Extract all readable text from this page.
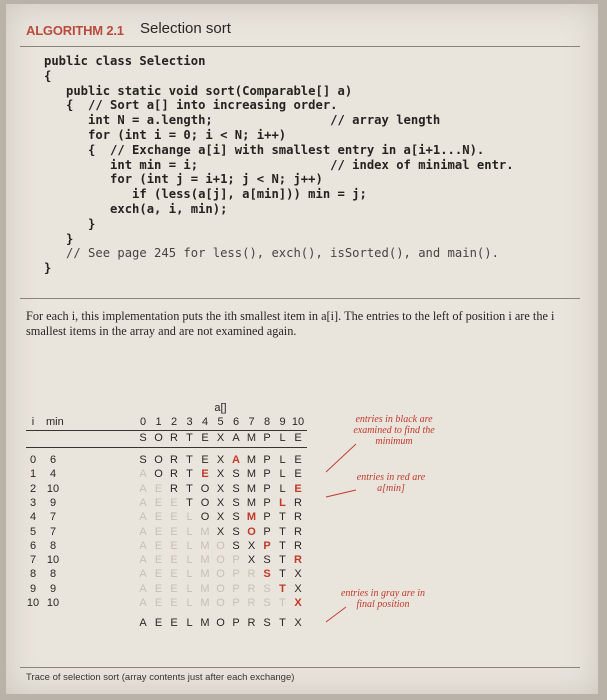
ALGORITHM 2.1 Selection sort
public class Selection
{
public static void sort(Comparable[] a)
{  // Sort a[] into increasing order.
int N = a.length;                // array length
for (int i = 0; i < N; i++)
{  // Exchange a[i] with smallest entry in a[i+1...N).
int min = i;                  // index of minimal entr.
for (int j = i+1; j < N; j++)
if (less(a[j], a[min])) min = j;
exch(a, i, min);
}
}
// See page 245 for less(), exch(), isSorted(), and main().
}
For each i, this implementation puts the ith smallest item in a[i]. The entries to the left of position i are the i smallest items in the array and are not examined again.
a[]
i	min	0 1 2 3 4 5 6 7 8 9 10
S O R T E X A M P L E
0	6	S O R T E X A M P L E
1	4	A O R T E X S M P L E
2 10	A E R T O X S M P L E
3	9	A E E T O X S M P L R
4	7	A E E L O X S M P T R
5	7	A E E L M X S O P T R
6	8	A E E L M O S X P T R
7 10	A E E L M O P X S T R
8	8	A E E L M O P R S T X
9	9	A E E L M O P R S T X
10 10	A E E L M O P R S T X
A E E L M O P R S T X
entries in black are examined to find the minimum
entries in red are a[min]
entries in gray are in final position
Trace of selection sort (array contents just after each exchange)
